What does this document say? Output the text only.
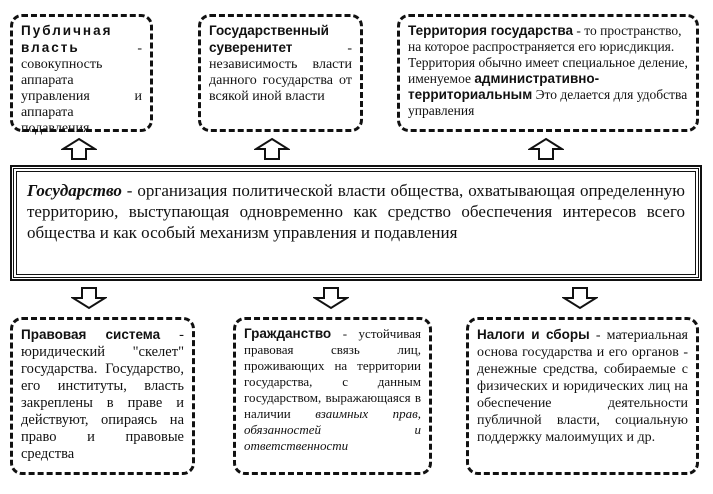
Публичная власть - совокупность аппарата управления и аппарата подавления
Государственный суверенитет - независимость власти данного государства от всякой иной власти
Территория государства - то пространство, на которое распространяется его юрисдикция. Территория обычно имеет специальное деление, именуемое административно-территориальным Это делается для удобства управления
Государство - организация политической власти общества, охватывающая определенную территорию, выступающая одновременно как средство обеспечения интересов всего общества и как особый механизм управления и подавления
Правовая система - юридический "скелет" государства. Государство, его институты, власть закреплены в праве и действуют, опираясь на право и правовые средства
Гражданство - устойчивая правовая связь лиц, проживающих на территории государства, с данным государством, выражающаяся в наличии взаимных прав, обязанностей и ответственности
Налоги и сборы - материальная основа государства и его органов - денежные средства, собираемые с физических и юридических лиц на обеспечение деятельности публичной власти, социальную поддержку малоимущих и др.
